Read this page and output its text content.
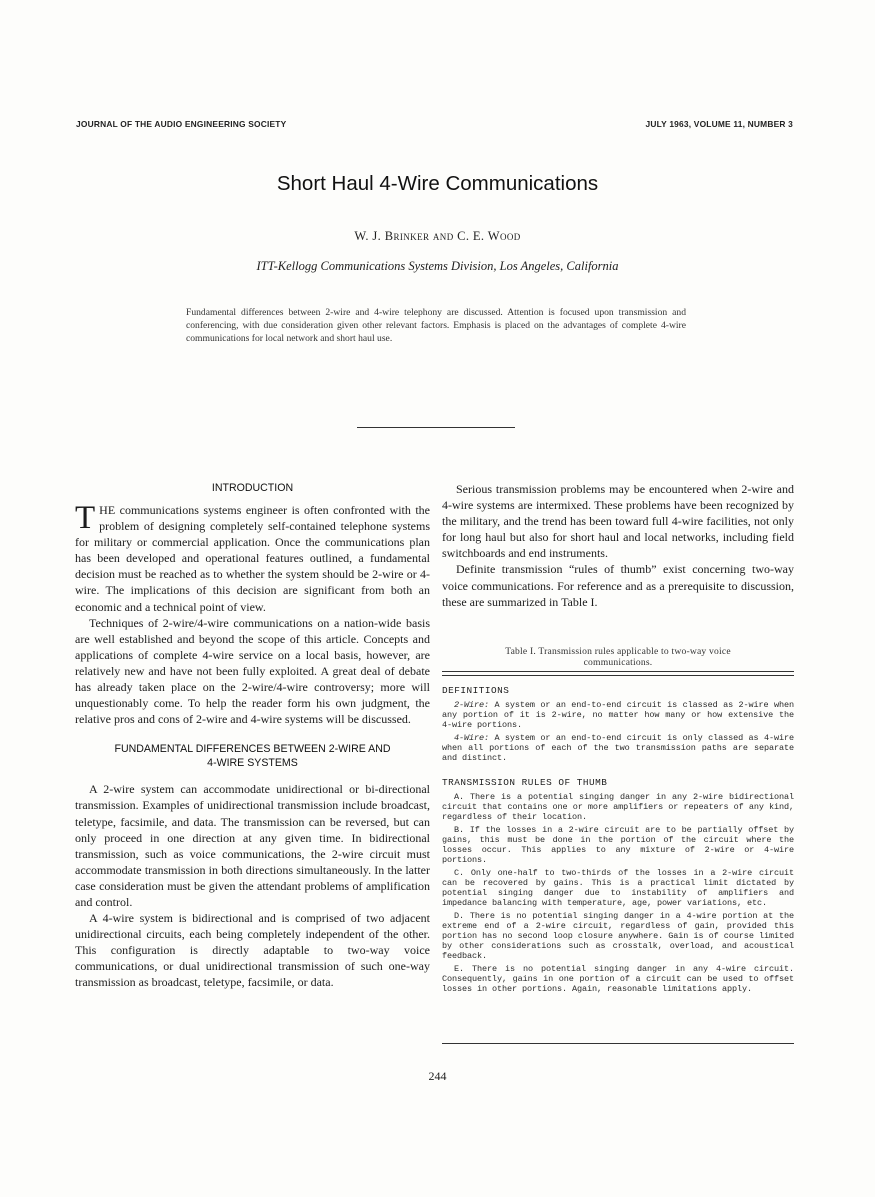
JOURNAL OF THE AUDIO ENGINEERING SOCIETY	JULY 1963, VOLUME 11, NUMBER 3
Short Haul 4-Wire Communications
W. J. Brinker and C. E. Wood
ITT-Kellogg Communications Systems Division, Los Angeles, California

Fundamental differences between 2-wire and 4-wire telephony are discussed. Attention is focused upon transmission and conferencing, with due consideration given other relevant factors. Emphasis is placed on the advantages of complete 4-wire communications for local network and short haul use.

INTRODUCTION

THE communications systems engineer is often confronted with the problem of designing completely self-contained telephone systems for military or commercial application. Once the communications plan has been developed and operational features outlined, a fundamental decision must be reached as to whether the system should be 2-wire or 4-wire. The implications of this decision are significant from both an economic and a technical point of view.

Techniques of 2-wire/4-wire communications on a nation-wide basis are well established and beyond the scope of this article. Concepts and applications of complete 4-wire service on a local basis, however, are relatively new and have not been fully exploited. A great deal of debate has already taken place on the 2-wire/4-wire controversy; more will unquestionably come. To help the reader form his own judgment, the relative pros and cons of 2-wire and 4-wire systems will be discussed.

FUNDAMENTAL DIFFERENCES BETWEEN 2-WIRE AND
4-WIRE SYSTEMS

A 2-wire system can accommodate unidirectional or bi-directional transmission. Examples of unidirectional transmission include broadcast, teletype, facsimile, and data. The transmission can be reversed, but can only proceed in one direction at any given time. In bidirectional transmission, such as voice communications, the 2-wire circuit must accommodate transmission in both directions simultaneously. In the latter case consideration must be given the attendant problems of amplification and control.

A 4-wire system is bidirectional and is comprised of two adjacent unidirectional circuits, each being completely independent of the other. This configuration is directly adaptable to two-way voice communications, or dual unidirectional transmission of such one-way transmission as broadcast, teletype, facsimile, or data.

Serious transmission problems may be encountered when 2-wire and 4-wire systems are intermixed. These problems have been recognized by the military, and the trend has been toward full 4-wire facilities, not only for long haul but also for short haul and local networks, including field switchboards and end instruments.

Definite transmission “rules of thumb” exist concerning two-way voice communications. For reference and as a prerequisite to discussion, these are summarized in Table I.

Table I. Transmission rules applicable to two-way voice
communications.
DEFINITIONS

2-Wire: A system or an end-to-end circuit is classed as 2-wire when any portion of it is 2-wire, no matter how many or how extensive the 4-wire portions.

4-Wire: A system or an end-to-end circuit is only classed as 4-wire when all portions of each of the two transmission paths are separate and distinct.

TRANSMISSION RULES OF THUMB

A. There is a potential singing danger in any 2-wire bidirectional circuit that contains one or more amplifiers or repeaters of any kind, regardless of their location.

B. If the losses in a 2-wire circuit are to be partially offset by gains, this must be done in the portion of the circuit where the losses occur. This applies to any mixture of 2-wire or 4-wire portions.

C. Only one-half to two-thirds of the losses in a 2-wire circuit can be recovered by gains. This is a practical limit dictated by potential singing danger due to instability of amplifiers and impedance balancing with temperature, age, power variations, etc.

D. There is no potential singing danger in a 4-wire portion at the extreme end of a 2-wire circuit, regardless of gain, provided this portion has no second loop closure anywhere. Gain is of course limited by other considerations such as crosstalk, overload, and acoustical feedback.

E. There is no potential singing danger in any 4-wire circuit. Consequently, gains in one portion of a circuit can be used to offset losses in other portions. Again, reasonable limitations apply.

244
